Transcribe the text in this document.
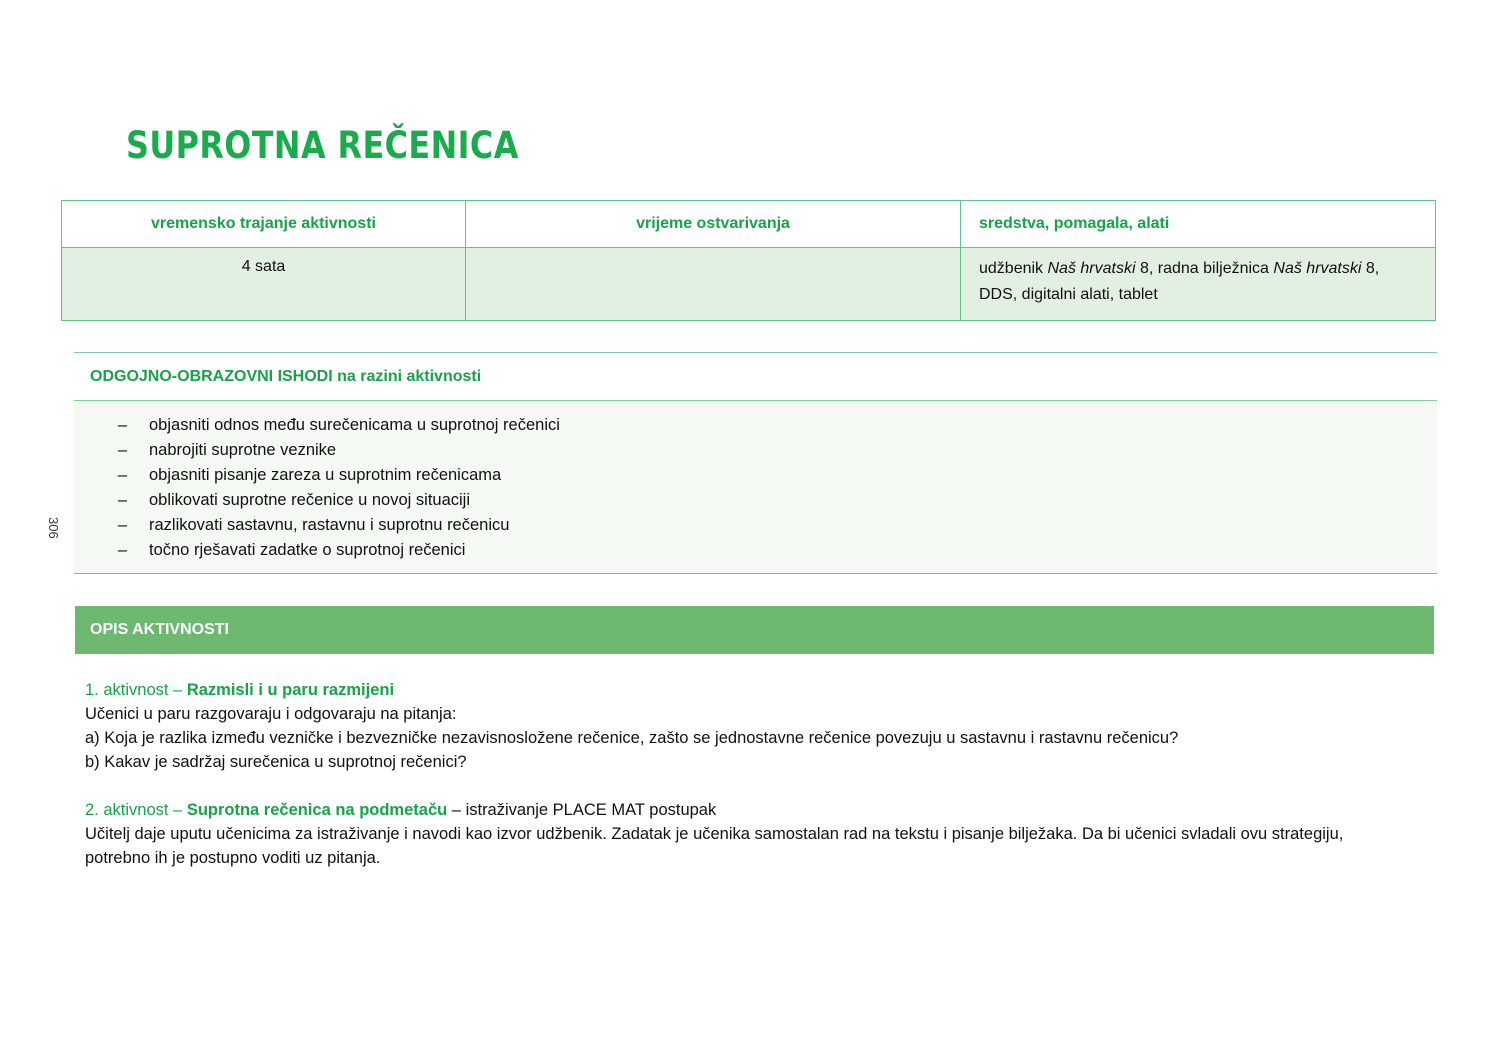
SUPROTNA REČENICA
306
vremensko trajanje aktivnosti	vrijeme ostvarivanja	sredstva, pomagala, alati
4 sata		udžbenik Naš hrvatski 8, radna bilježnica Naš hrvatski 8, DDS, digitalni alati, tablet
ODGOJNO-OBRAZOVNI ISHODI na razini aktivnosti
–	objasniti odnos među surečenicama u suprotnoj rečenici
–	nabrojiti suprotne veznike
–	objasniti pisanje zareza u suprotnim rečenicama
–	oblikovati suprotne rečenice u novoj situaciji
–	razlikovati sastavnu, rastavnu i suprotnu rečenicu
–	točno rješavati zadatke o suprotnoj rečenici
OPIS AKTIVNOSTI

1. aktivnost – Razmisli i u paru razmijeni

Učenici u paru razgovaraju i odgovaraju na pitanja:

a) Koja je razlika između vezničke i bezvezničke nezavisnosložene rečenice, zašto se jednostavne rečenice povezuju u sastavnu i rastavnu rečenicu?

b) Kakav je sadržaj surečenica u suprotnoj rečenici?

2. aktivnost – Suprotna rečenica na podmetaču – istraživanje PLACE MAT postupak

Učitelj daje uputu učenicima za istraživanje i navodi kao izvor udžbenik. Zadatak je učenika samostalan rad na tekstu i pisanje bilježaka. Da bi učenici svladali ovu strategiju, potrebno ih je postupno voditi uz pitanja.
